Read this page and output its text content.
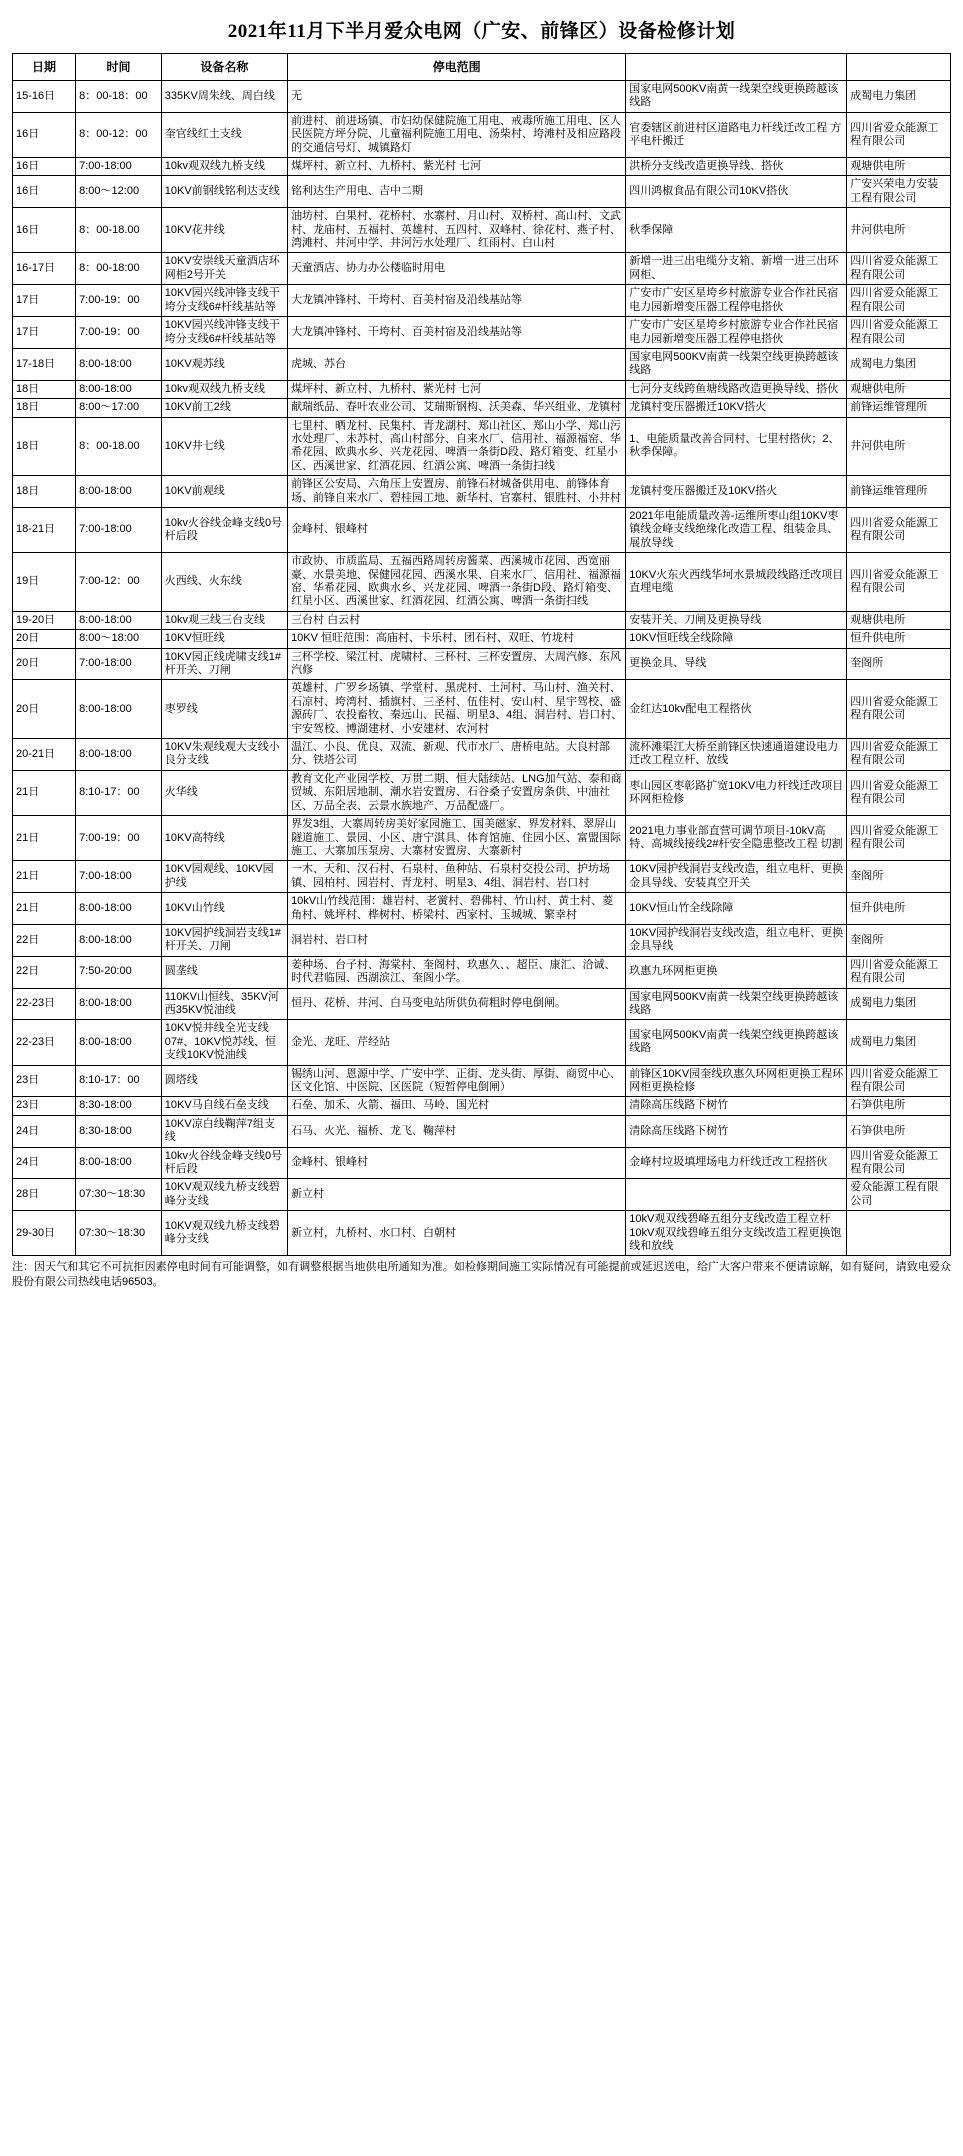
2021年11月下半月爱众电网（广安、前锋区）设备检修计划
日期	时间	设备名称	停电范围		
15-16日	8：00-18：00	335KV周朱线、周白线	无	国家电网500KV南黄一线架空线更换跨越该线路	成蜀电力集团
16日	8：00-12：00	奎官线红土支线	前进村、前进场镇、市妇幼保健院施工用电、戒毒所施工用电、区人民医院方坪分院、儿童福利院施工用电、汤柴村、垮滩村及相应路段的交通信号灯、城镇路灯	官委辖区前进村区道路电力杆线迁改工程 方平电杆搬迁	四川省爱众能源工程有限公司
16日	7:00-18:00	10kv观双线九桥支线	煤坪村、新立村、九桥村、紫光村 七河	洪桥分支线改造更换导线、搭伙	观塘供电所
16日	8:00～12:00	10KV前钢线铭利达支线	铭利达生产用电、吉中二期	四川鸿椒食品有限公司10KV搭伙	广安兴荣电力安装工程有限公司
16日	8：00-18.00	10KV花井线	油坊村、白果村、花桥村、水寨村、月山村、双桥村、高山村、文武村、龙庙村、五福村、英雄村、五四村、双峰村、徐花村、燕子村、湾滩村、井河中学、井河污水处理厂、红雨村、白山村	秋季保障	井河供电所
16-17日	8：00-18:00	10KV安崇线天童酒店环网柜2号开关	天童酒店、协力办公楼临时用电	新增一进三出电缆分支箱、新增一进三出环网柜、	四川省爱众能源工程有限公司
17日	7:00-19：00	10KV园兴线冲锋支线干垮分支线6#杆线基站等	大龙镇冲锋村、干垮村、百美村宿及沿线基站等	广安市广安区星垮乡村旅游专业合作社民宿电力园新增变压器工程停电搭伙	四川省爱众能源工程有限公司
17日	7:00-19：00	10KV园兴线冲锋支线干垮分支线6#杆线基站等	大龙镇冲锋村、干垮村、百美村宿及沿线基站等	广安市广安区星垮乡村旅游专业合作社民宿电力园新增变压器工程停电搭伙	四川省爱众能源工程有限公司
17-18日	8:00-18:00	10KV观苏线	虎城、苏台	国家电网500KV南黄一线架空线更换跨越该线路	成蜀电力集团
18日	8:00-18:00	10kv观双线九桥支线	煤坪村、新立村、九桥村、紫光村 七河	七河分支线跨鱼塘线路改造更换导线、搭伙	观塘供电所
18日	8:00～17:00	10KV前工2线	献瑞纸品、春叶农业公司、艾瑞斯钢构、沃美森、华兴组业、龙镇村	龙镇村变压器搬迁10KV搭火	前锋运维管理所
18日	8：00-18.00	10KV井七线	七里村、晒龙村、民集村、青龙湖村、郑山社区、郑山小学、郑山污水处理厂、未苏村、高山村部分、自来水厂、信用社、福源福窑、华希花园、欧典水乡、兴龙花园、啤酒一条街D段、路灯箱变、红星小区、西溪世家、红酒花园、红酒公寓、啤酒一条街扫线	1、电能质量改善合同村、七里村搭伙；2、秋季保障。	井河供电所
18日	8:00-18:00	10KV前观线	前锋区公安局、六角压上安置房、前锋石材城备供用电、前锋体育场、前锋自来水厂、碧桂园工地、新华村、官寨村、银胜村、小井村	龙镇村变压器搬迁及10KV搭火	前锋运维管理所
18-21日	7:00-18:00	10kv火谷线金峰支线0号杆后段	金峰村、银峰村	2021年电能质量改善-运维所枣山组10KV枣镇线金峰支线绝缘化改造工程、组装金具、展放导线	四川省爱众能源工程有限公司
19日	7:00-12：00	火西线、火东线	市政协、市质监局、五福西路周转房酱菜、西溪城市花园、西宽丽豪、水景美地、保健园花园、西溪水果、自来水厂、信用社、福源福窑、华希花园、欧典水乡、兴龙花园、啤酒一条街D段、路灯箱变、红星小区、西溪世家、红酒花园、红酒公寓、啤酒一条街扫线	10KV火东火西线华坷水景城段线路迁改项目直埋电缆	四川省爱众能源工程有限公司
19-20日	8:00-18:00	10kv观三线三台支线	三台村 白云村	安装开关、刀闸及更换导线	观塘供电所
20日	8:00～18:00	10KV恒旺线	10KV 恒旺范围：高庙村、卡乐村、团石村、双旺、竹垅村	10KV恒旺线全线除障	恒升供电所
20日	7:00-18:00	10KV园正线虎啸支线1#杆开关、刀闸	三杯学校、梁江村、虎啸村、三杯村、三杯安置房、大周汽修、东风汽修	更换金具、导线	奎阁所
20日	8:00-18:00	枣罗线	英雄村、广罗乡场镇、学堂村、黑虎村、土河村、马山村、渔关村、石凉村、垮湾村、插旗村、三圣村、伍佳村、安山村、星宇驾校、盛源砖厂、农投畜牧、秦远山、民福、明星3、4组、洞岩村、岩口村、宇安驾校、博湖建材、小安建材、农河村	金红达10kv配电工程搭伙	四川省爱众能源工程有限公司
20-21日	8:00-18:00	10KV朱观线观大支线小良分支线	温江、小良、优良、双流、新观、代市水厂、唐桥电站。大良村部分、铁塔公司	流杯滩渠江大桥至前锋区快速通道建设电力迁改工程立杆、放线	四川省爱众能源工程有限公司
21日	8:10-17：00	火华线	教育文化产业园学校、万贯二期、恒大陆续站、LNG加气站、泰和商贸城、东阳居地制、潮水岩安置房、石谷桑子安置房条供、中油社区、万品全表、云景水族地产、万品配盛厂。	枣山园区枣彰路扩宽10KV电力杆线迁改项目环网柜检修	四川省爱众能源工程有限公司
21日	7:00-19：00	10KV高特线	界发3组、大寨周转房美好家园施工、国美磁家、界发材料、翠屏山隧道施工、景园、小区、唐宁淇具、体育馆施、住园小区、富盟国际施工、大寨加压泵房、大寨材安置房、大寨新村	2021电力事业部直营可调节项目-10kV高特、高城线接线2#杆安全隐患整改工程 切割	四川省爱众能源工程有限公司
21日	7:00-18:00	10KV园观线、10KV园护线	一木、天和、汉石村、石泉村、鱼种站、石泉村交投公司、护坊场镇、园柏村、园岩村、青龙村、明星3、4组、洞岩村、岩口村	10KV园护线洞岩支线改造，组立电杆、更换金具导线、安装真空开关	奎阁所
21日	8:00-18:00	10KV山竹线	10kV山竹线范围：雄岩村、老黉村、碧佛村、竹山村、黄土村、菱角村、姚坪村、桦树村、桥梁村、西家村、玉城城、繁幸村	10KV恒山竹全线除障	恒升供电所
22日	8:00-18:00	10KV园护线洞岩支线1#杆开关、刀闸	洞岩村、岩口村	10KV园护线洞岩支线改造，组立电杆、更换金具导线	奎阁所
22日	7:50-20:00	圆垄线	姜种场、台子村、海棠村、奎阁村、玖惠久、、超臣、康汇、洽诚、时代君临园、西湖滨江、奎阁小学。	玖惠九环网柜更换	四川省爱众能源工程有限公司
22-23日	8:00-18:00	110KV山恒线、35KV河西35KV悦油线	恒丹、花桥、井河、白马变电站所供负荷粗时停电倒闸。	国家电网500KV南黄一线架空线更换跨越该线路	成蜀电力集团
22-23日	8:00-18:00	10KV悦井线全光支线07#、10KV悦苏线、恒支线10KV悦油线	金光、龙旺、芹经站	国家电网500KV南黄一线架空线更换跨越该线路	成蜀电力集团
23日	8:10-17：00	圆塔线	锡绣山河、恩源中学、广安中学、正街、龙头街、厚街、商贸中心、区文化馆、中医院、区医院（短暂停电倒闸）	前锋区10KV园奎线玖惠久环网柜更换工程环网柜更换检修	四川省爱众能源工程有限公司
23日	8:30-18:00	10KV马自线石垒支线	石垒、加禾、火箭、福田、马岭、国光村	清除高压线路下树竹	石笋供电所
24日	8:30-18:00	10KV凉白线鞠萍7组支线	石马、火光、福桥、龙飞、鞠萍村	清除高压线路下树竹	石笋供电所
24日	8:00-18:00	10kv火谷线金峰支线0号杆后段	金峰村、银峰村	金峰村垃圾填埋场电力杆线迁改工程搭伙	四川省爱众能源工程有限公司
28日	07:30～18:30	10KV观双线九桥支线碧峰分支线	新立村		爱众能源工程有限公司
29-30日	07:30～18:30	10KV观双线九桥支线碧峰分支线	新立村，九桥村、水口村、白朝村	10kV观双线碧峰五组分支线改造工程立杆10kV观双线碧峰五组分支线改造工程更换饱线和放线	
注：因天气和其它不可抗拒因素停电时间有可能调整，如有调整根据当地供电所通知为准。如检修期间施工实际情况有可能提前或延迟送电，给广大客户带来不便请谅解，如有疑问，请致电爱众股份有限公司热线电话96503。
